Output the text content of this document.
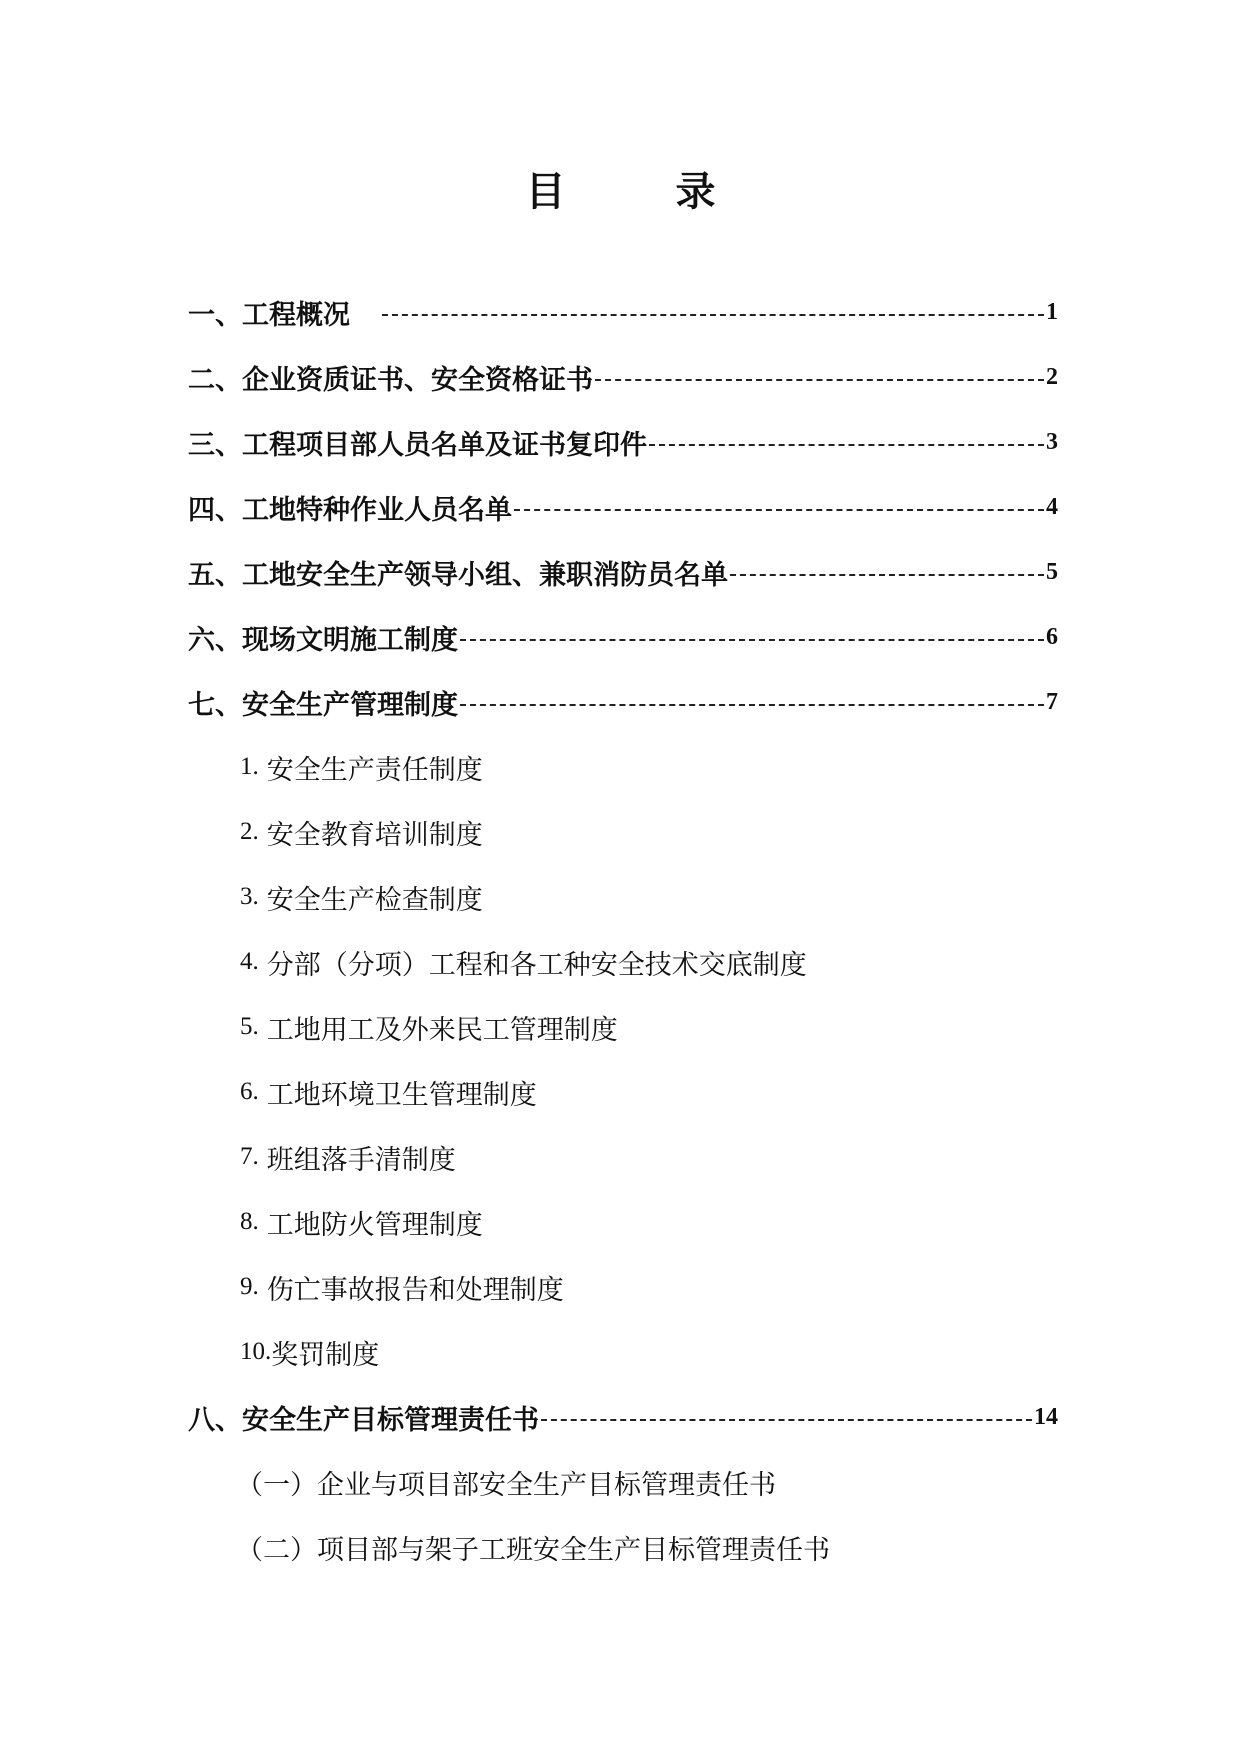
目	录
一、工程概况	1
二、企业资质证书、安全资格证书	2
三、工程项目部人员名单及证书复印件	3
四、工地特种作业人员名单	4
五、工地安全生产领导小组、兼职消防员名单	5
六、现场文明施工制度	6
七、安全生产管理制度	7
1. 安全生产责任制度
2. 安全教育培训制度
3. 安全生产检查制度
4. 分部（分项）工程和各工种安全技术交底制度
5. 工地用工及外来民工管理制度
6. 工地环境卫生管理制度
7. 班组落手清制度
8. 工地防火管理制度
9. 伤亡事故报告和处理制度
10. 奖罚制度
八、安全生产目标管理责任书	14
（一）企业与项目部安全生产目标管理责任书
（二）项目部与架子工班安全生产目标管理责任书
